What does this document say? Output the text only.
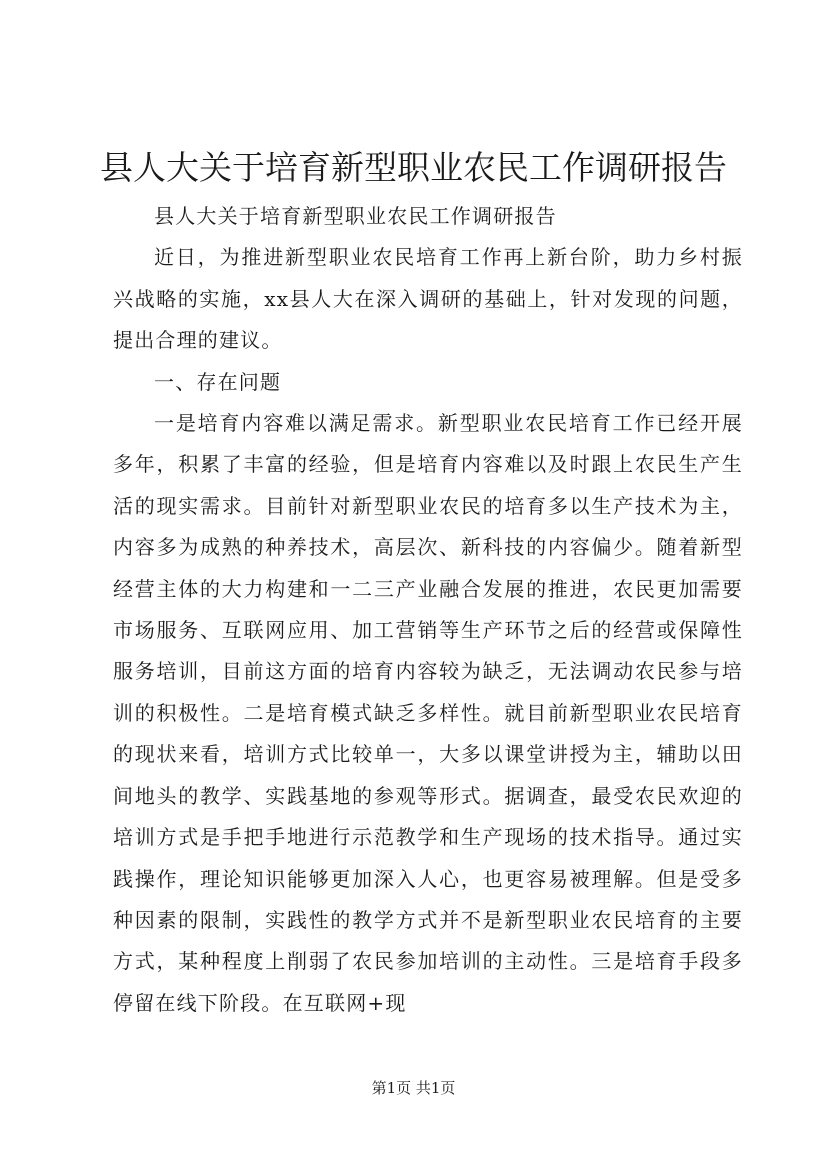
县人大关于培育新型职业农民工作调研报告

县人大关于培育新型职业农民工作调研报告

近日，为推进新型职业农民培育工作再上新台阶，助力乡村振兴战略的实施，xx县人大在深入调研的基础上，针对发现的问题，提出合理的建议。

一、存在问题

一是培育内容难以满足需求。新型职业农民培育工作已经开展多年，积累了丰富的经验，但是培育内容难以及时跟上农民生产生活的现实需求。目前针对新型职业农民的培育多以生产技术为主，内容多为成熟的种养技术，高层次、新科技的内容偏少。随着新型经营主体的大力构建和一二三产业融合发展的推进，农民更加需要市场服务、互联网应用、加工营销等生产环节之后的经营或保障性服务培训，目前这方面的培育内容较为缺乏，无法调动农民参与培训的积极性。二是培育模式缺乏多样性。就目前新型职业农民培育的现状来看，培训方式比较单一，大多以课堂讲授为主，辅助以田间地头的教学、实践基地的参观等形式。据调查，最受农民欢迎的培训方式是手把手地进行示范教学和生产现场的技术指导。通过实践操作，理论知识能够更加深入人心，也更容易被理解。但是受多种因素的限制，实践性的教学方式并不是新型职业农民培育的主要方式，某种程度上削弱了农民参加培训的主动性。三是培育手段多停留在线下阶段。在互联网+现

第1页 共1页
